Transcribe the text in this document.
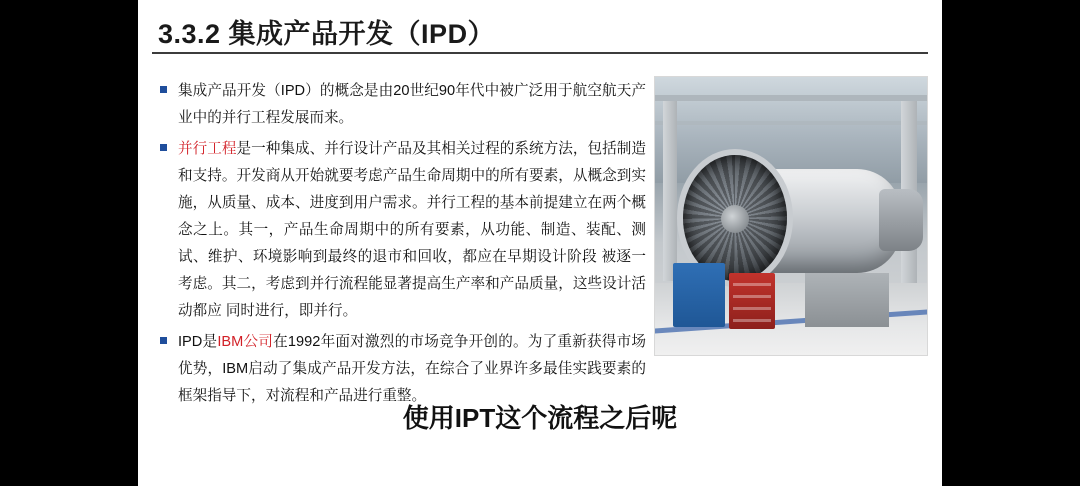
3.3.2 集成产品开发（IPD）
集成产品开发（IPD）的概念是由20世纪90年代中被广泛用于航空航天产业中的并行工程发展而来。
并行工程是一种集成、并行设计产品及其相关过程的系统方法，包括制造和支持。开发商从开始就要考虑产品生命周期中的所有要素，从概念到实施，从质量、成本、进度到用户需求。并行工程的基本前提建立在两个概念之上。其一，产品生命周期中的所有要素，从功能、制造、装配、测试、维护、环境影响到最终的退市和回收，都应在早期设计阶段 被逐一考虑。其二，考虑到并行流程能显著提高生产率和产品质量，这些设计活动都应 同时进行，即并行。
IPD是IBM公司在1992年面对激烈的市场竞争开创的。为了重新获得市场优势，IBM启动了集成产品开发方法，在综合了业界许多最佳实践要素的框架指导下，对流程和产品进行重整。
使用IPT这个流程之后呢
